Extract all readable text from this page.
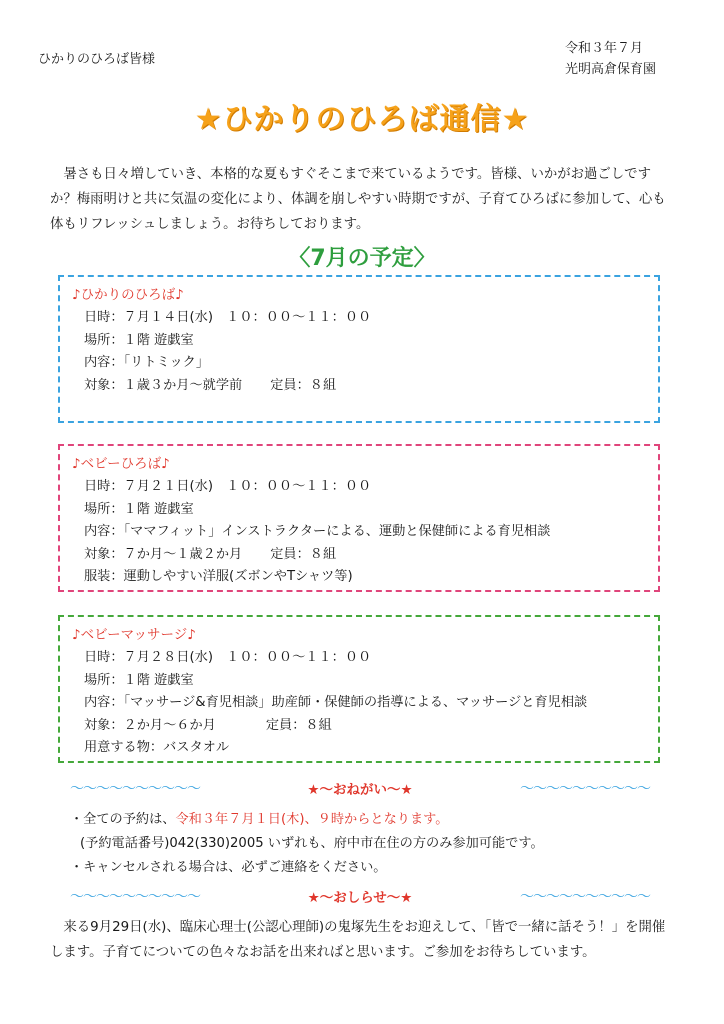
ひかりのひろば皆様
令和３年７月
光明高倉保育園
★ひかりのひろば通信★
暑さも日々増していき、本格的な夏もすぐそこまで来ているようです。皆様、いかがお過ごしですか？梅雨明けと共に気温の変化により、体調を崩しやすい時期ですが、子育てひろばに参加して、心も体もリフレッシュしましょう。お待ちしております。
〈7月の予定〉
♪ひかりのひろば♪
日時：７月１４日(水)　１０：００～１１：００
場所：１階 遊戯室
内容：「リトミック」
対象：１歳３か月～就学前 定員：８組
♪ベビーひろば♪
日時：７月２１日(水)　１０：００～１１：００
場所：１階 遊戯室
内容：「ママフィット」インストラクターによる、運動と保健師による育児相談
対象：７か月～１歳２か月 定員：８組
服装：運動しやすい洋服(ズボンやTシャツ等)
♪ベビーマッサージ♪
日時：７月２８日(水)　１０：００～１１：００
場所：１階 遊戯室
内容：「マッサージ&育児相談」助産師・保健師の指導による、マッサージと育児相談
対象：２か月～６か月	定員：８組
用意する物：バスタオル
～～～～～～～～～～	★～おねがい～★	～～～～～～～～～～
・全ての予約は、令和３年７月１日(木)、９時からとなります。
(予約電話番号)042(330)2005 いずれも、府中市在住の方のみ参加可能です。
・キャンセルされる場合は、必ずご連絡をください。
～～～～～～～～～～	★～おしらせ～★	～～～～～～～～～～
来る9月29日(水)、臨床心理士(公認心理師)の鬼塚先生をお迎えして、「皆で一緒に話そう！」を開催します。子育てについての色々なお話を出来ればと思います。ご参加をお待ちしています。
